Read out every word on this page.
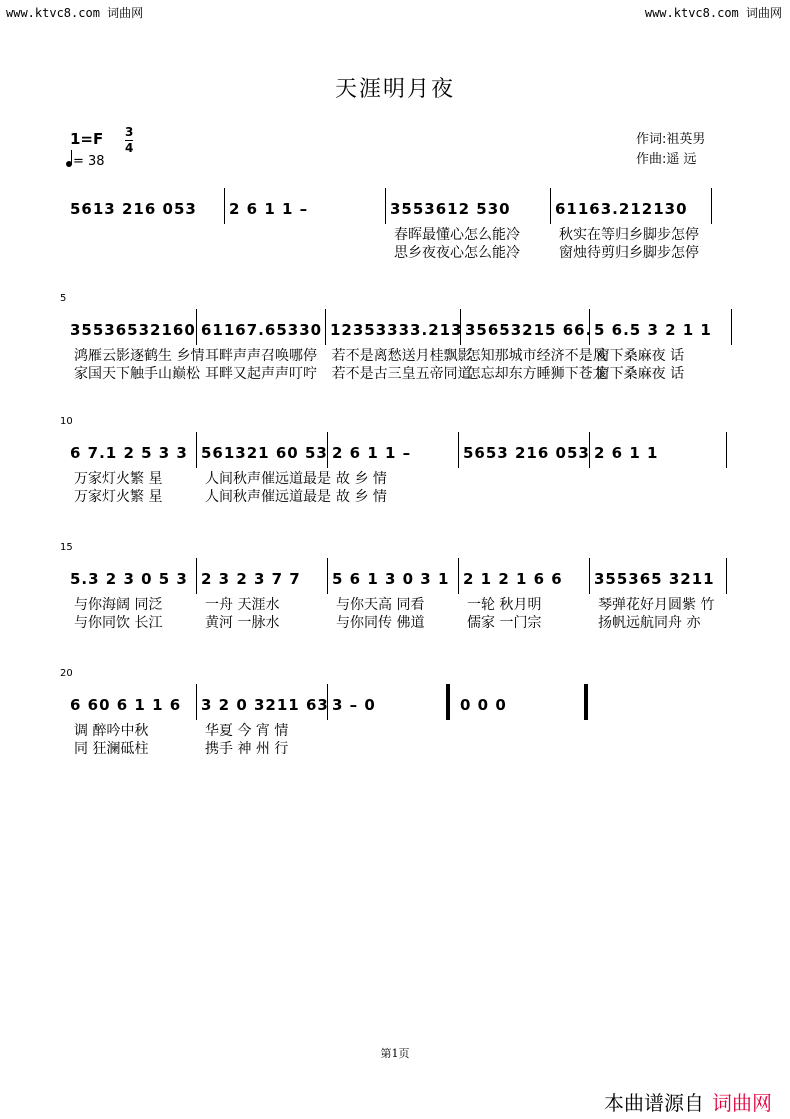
www.ktvc8.com 词曲网	www.ktvc8.com 词曲网
天涯明月夜
1=F 3
4
= 38
作词:祖英男
作曲:遥 远
5613 216 053 2 6 1 1 –	3553612 530	61163.212130
春晖最懂心怎么能冷	秋实在等归乡脚步怎停
思乡夜夜心怎么能冷	窗烛待剪归乡脚步怎停
5
35536532160 61167.65330 12353333.213 35653215 66. 5 6.5 3 2 1 1
鸿雁云影逐鹤生 乡情 耳畔声声召唤哪停	若不是离愁送月桂飘影
怎知那城市经济不是风
窗下桑麻夜 话
家国天下触手山巅松 耳畔又起声声叮咛	若不是古三皇五帝同道
怎忘却东方睡狮下苍龙
窗下桑麻夜 话
10
6 7.1 2 5 3 3 561321 60 53 2 6 1 1 –	5653 216 053 2 6 1 1
万家灯火繁 星	人间秋声催远道最是 故 乡 情
万家灯火繁 星	人间秋声催远道最是 故 乡 情
15
5.3 2 3 0 5 3 2 3 2 3 7 7 5 6 1 3 0 3 1 2 1 2 1 6 6 355365 3211
与你海阔 同泛	一舟 天涯水	与你天高 同看	一轮 秋月明	琴弹花好月圆紫 竹
与你同饮 长江	黄河 一脉水	与你同传 佛道	儒家 一门宗	扬帆远航同舟 亦
20
6 60 6 1 1 6 3 2 0 3211 63 3 – 0	0 0 0
调 醉吟中秋	华夏 今 宵 情
同 狂澜砥柱	携手 神 州 行
第1页
本曲谱源自 词曲网
